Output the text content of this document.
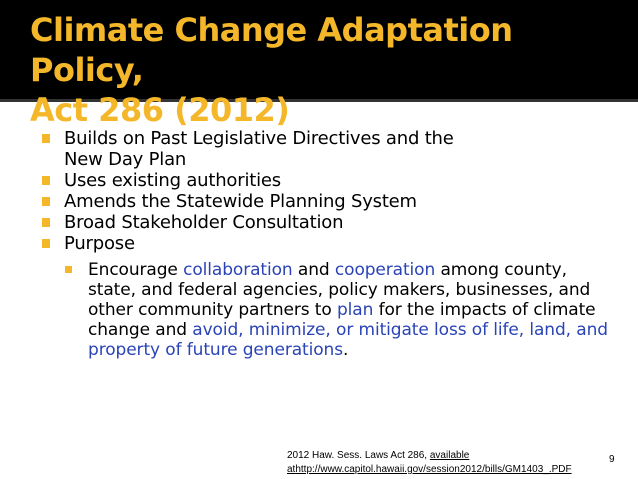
Climate Change Adaptation Policy,
Act 286 (2012)
Builds on Past Legislative Directives and the
New Day Plan
Uses existing authorities
Amends the Statewide Planning System
Broad Stakeholder Consultation
Purpose
Encourage collaboration and cooperation among county, state, and federal agencies, policy makers, businesses, and other community partners to plan for the impacts of climate change and avoid, minimize, or mitigate loss of life, land, and property of future generations.
2012 Haw. Sess. Laws Act 286, available
athttp://www.capitol.hawaii.gov/session2012/bills/GM1403_.PDF
9
